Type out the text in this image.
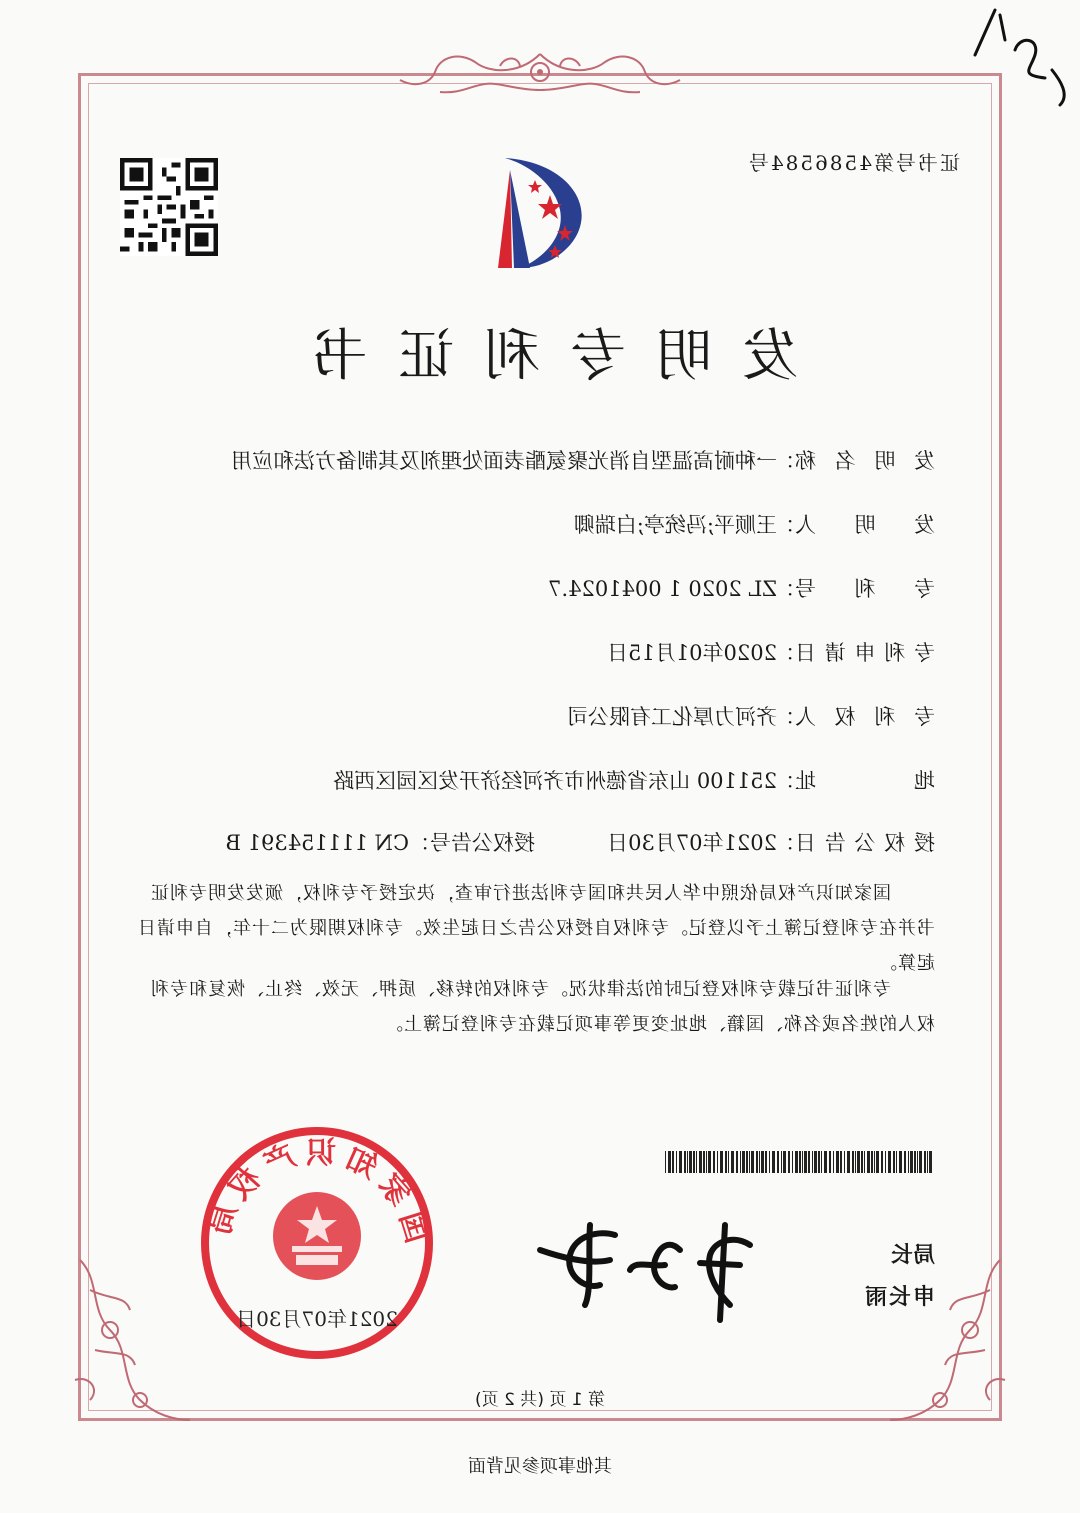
证书号第4586584号
发明专利证书
发明名称：一种耐高温型自消光聚氨酯表面处理剂及其制备方法和应用
发明人：王顺平;冯统亭;白瑞卿
专利号：ZL 2020 1 0041024.7
专利申请日：2020年01月15日
专利权人：齐河力厚化工有限公司
地址：251100 山东省德州市齐河经济开发区园区西路
授权公告日：2021年07月30日
授权公告号：CN 111154391 B
国家知识产权局依照中华人民共和国专利法进行审查，决定授予专利权，颁发发明专利证书并在专利登记簿上予以登记。专利权自授权公告之日起生效。专利权期限为二十年，自申请日起算。
专利证书记载专利权登记时的法律状况。专利权的转移、质押、无效、终止、恢复和专利权人的姓名或名称、国籍、地址变更等事项记载在专利登记簿上。
局长
申长雨
国家知识产权局
2021年07月30日
第 1 页 (共 2 页)
其他事项参见背面
